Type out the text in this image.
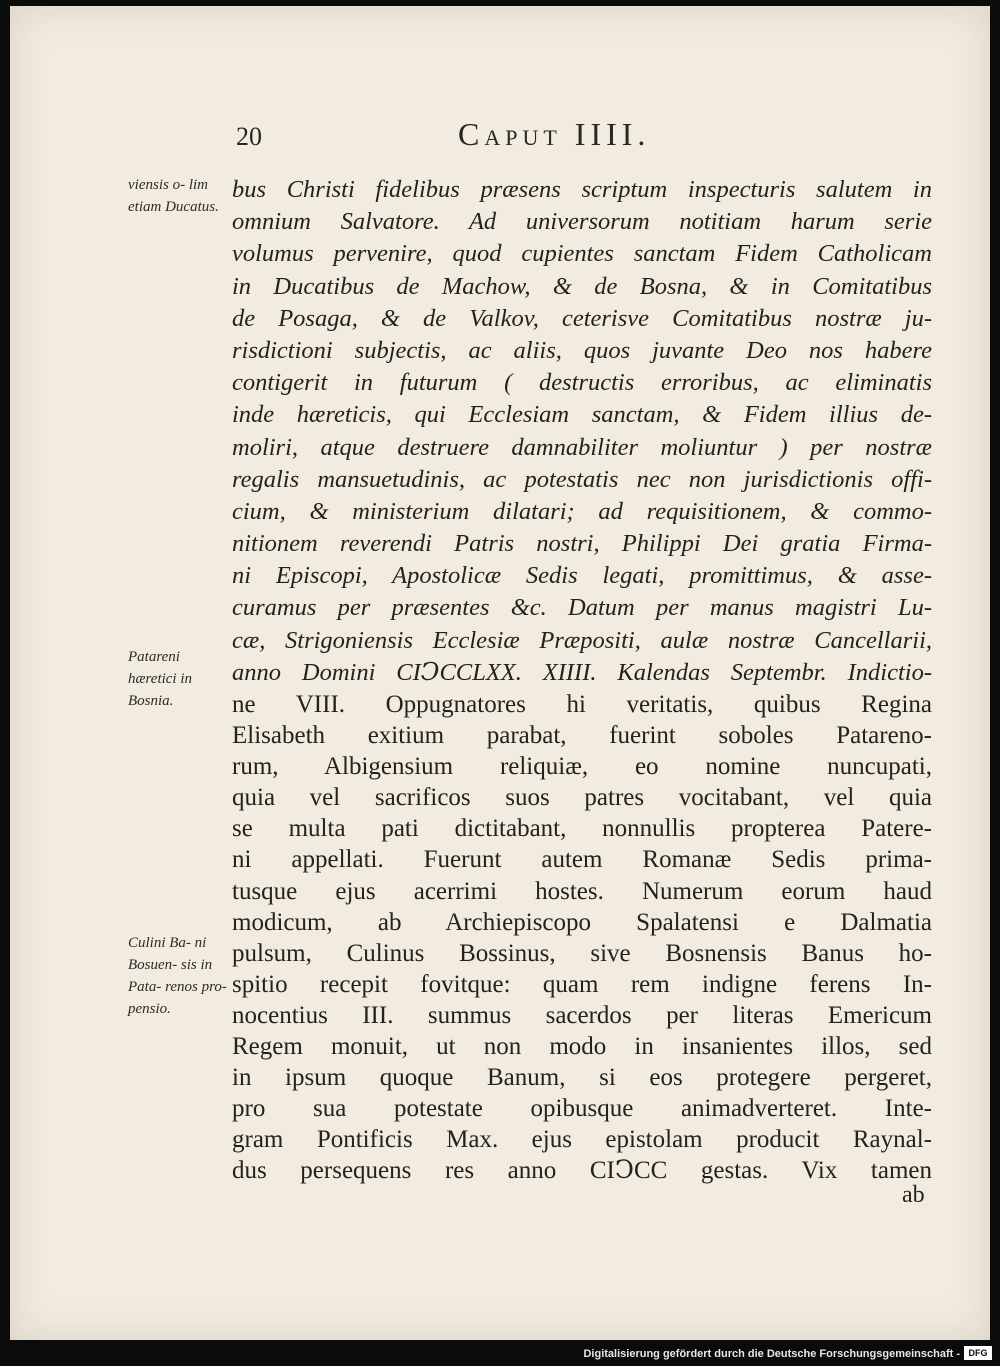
20	Caput IIII.
viensis o- lim etiam Ducatus.
Patareni hæretici in Bosnia.
Culini Ba- ni Bosuen- sis in Pata- renos pro- pensio.
bus Christi fidelibus præsens scriptum inspecturis salutem in
omnium Salvatore. Ad universorum notitiam harum serie
volumus pervenire, quod cupientes sanctam Fidem Catholicam
in Ducatibus de Machow, & de Bosna, & in Comitatibus
de Posaga, & de Valkov, ceterisve Comitatibus nostræ ju-
risdictioni subjectis, ac aliis, quos juvante Deo nos habere
contigerit in futurum ( destructis erroribus, ac eliminatis
inde hæreticis, qui Ecclesiam sanctam, & Fidem illius de-
moliri, atque destruere damnabiliter moliuntur ) per nostræ
regalis mansuetudinis, ac potestatis nec non jurisdictionis offi-
cium, & ministerium dilatari; ad requisitionem, & commo-
nitionem reverendi Patris nostri, Philippi Dei gratia Firma-
ni Episcopi, Apostolicæ Sedis legati, promittimus, & asse-
curamus per præsentes &c. Datum per manus magistri Lu-
cæ, Strigoniensis Ecclesiæ Præpositi, aulæ nostræ Cancellarii,
anno Domini CIↃCCLXX. XIIII. Kalendas Septembr. Indictio-
ne VIII. Oppugnatores hi veritatis, quibus Regina
Elisabeth exitium parabat, fuerint soboles Patareno-
rum, Albigensium reliquiæ, eo nomine nuncupati,
quia vel sacrificos suos patres vocitabant, vel quia
se multa pati dictitabant, nonnullis propterea Patere-
ni appellati. Fuerunt autem Romanæ Sedis prima-
tusque ejus acerrimi hostes. Numerum eorum haud
modicum, ab Archiepiscopo Spalatensi e Dalmatia
pulsum, Culinus Bossinus, sive Bosnensis Banus ho-
spitio recepit fovitque: quam rem indigne ferens In-
nocentius III. summus sacerdos per literas Emericum
Regem monuit, ut non modo in insanientes illos, sed
in ipsum quoque Banum, si eos protegere pergeret,
pro sua potestate opibusque animadverteret. Inte-
gram Pontificis Max. ejus epistolam producit Raynal-
dus persequens res anno CIↃCC gestas. Vix tamen
ab
Digitalisierung gefördert durch die Deutsche Forschungsgemeinschaft - DFG
